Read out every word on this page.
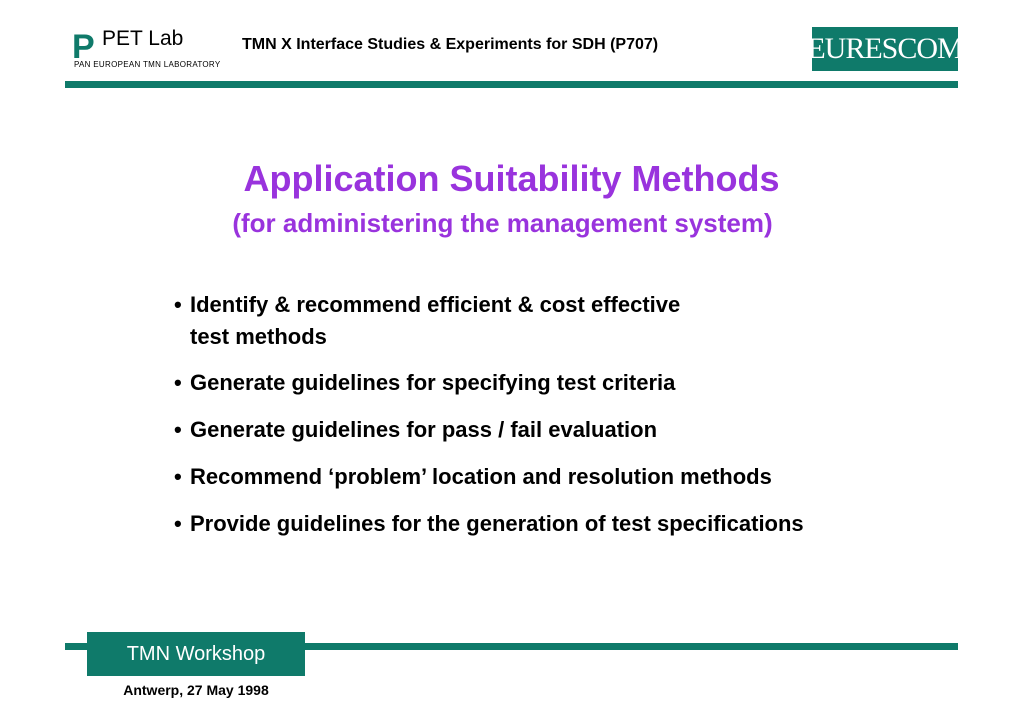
P PET Lab
PAN EUROPEAN TMN LABORATORY
TMN X Interface Studies & Experiments for SDH (P707)	EURESCOM
Application Suitability Methods
(for administering the management system)
• Identify & recommend efficient & cost effective
test methods
• Generate guidelines for specifying test criteria
• Generate guidelines for pass / fail evaluation
• Recommend ‘problem’ location and resolution methods
• Provide guidelines for the generation of test specifications
TMN Workshop
Antwerp, 27 May 1998
